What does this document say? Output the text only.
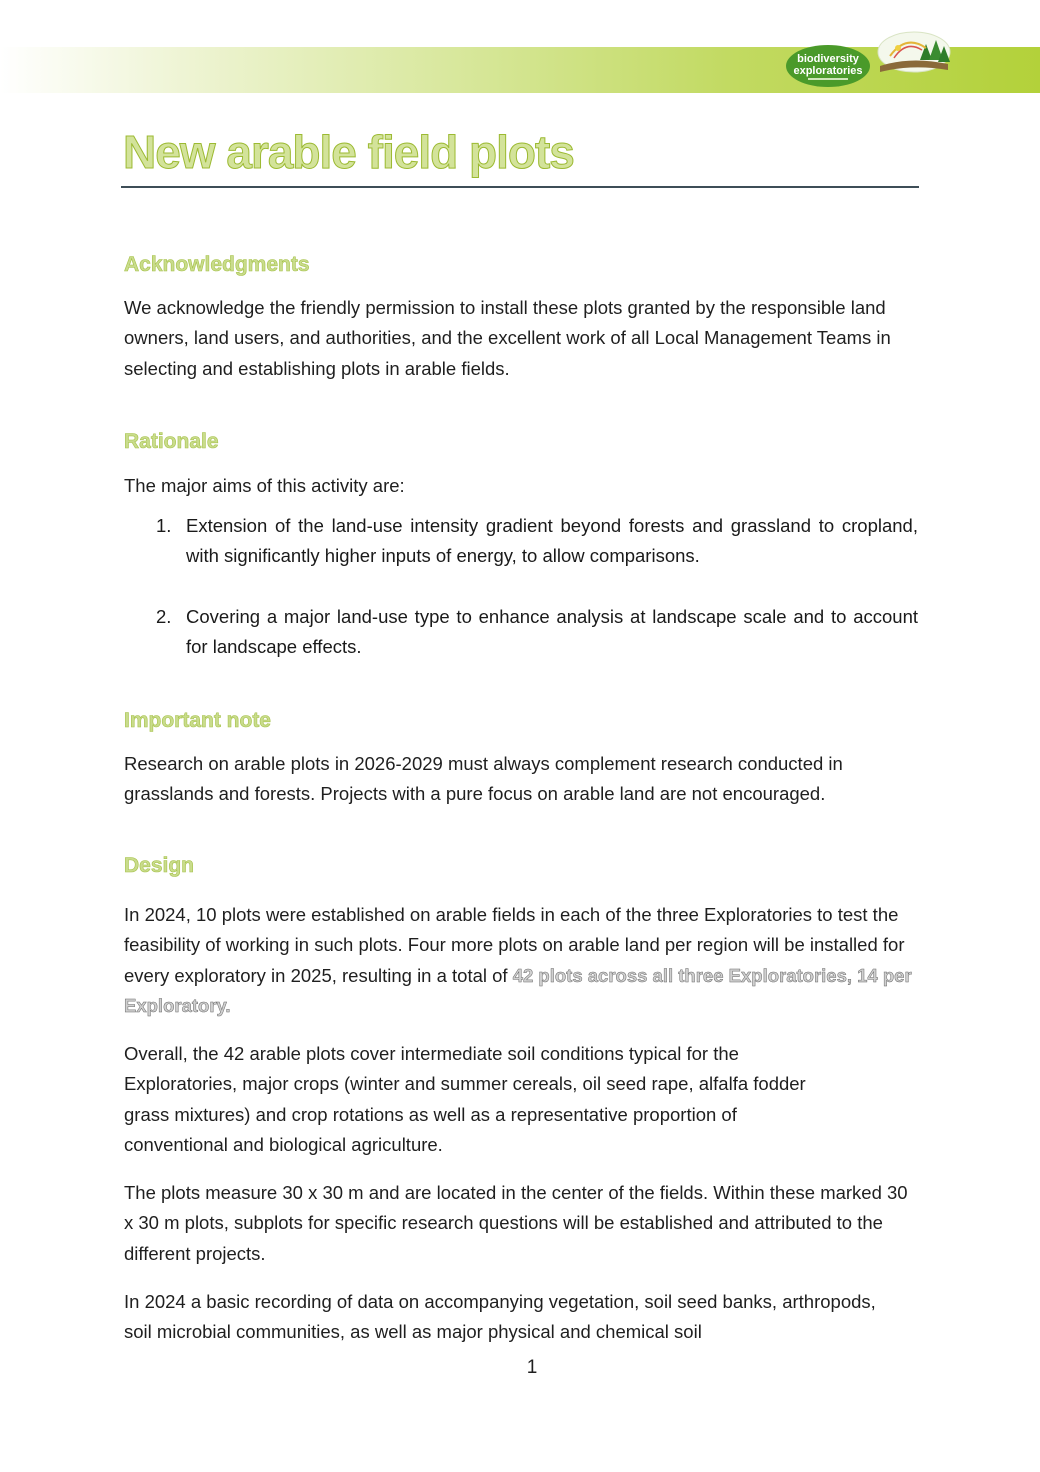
biodiversity
exploratories
New arable field plots
Acknowledgments

We acknowledge the friendly permission to install these plots granted by the responsible land owners, land users, and authorities, and the excellent work of all Local Management Teams in selecting and establishing plots in arable fields.

Rationale

The major aims of this activity are:

1. Extension of the land-use intensity gradient beyond forests and grassland to cropland, with significantly higher inputs of energy, to allow comparisons.

2. Covering a major land-use type to enhance analysis at landscape scale and to account for landscape effects.

Important note

Research on arable plots in 2026-2029 must always complement research conducted in grasslands and forests. Projects with a pure focus on arable land are not encouraged.

Design

In 2024, 10 plots were established on arable fields in each of the three Exploratories to test the feasibility of working in such plots. Four more plots on arable land per region will be installed for every exploratory in 2025, resulting in a total of 42 plots across all three Exploratories, 14 per Exploratory.

Overall, the 42 arable plots cover intermediate soil conditions typical for the Exploratories, major crops (winter and summer cereals, oil seed rape, alfalfa fodder grass mixtures) and crop rotations as well as a representative proportion of conventional and biological agriculture.

The plots measure 30 x 30 m and are located in the center of the fields. Within these marked 30 x 30 m plots, subplots for specific research questions will be established and attributed to the different projects.

In 2024 a basic recording of data on accompanying vegetation, soil seed banks, arthropods, soil microbial communities, as well as major physical and chemical soil

1
